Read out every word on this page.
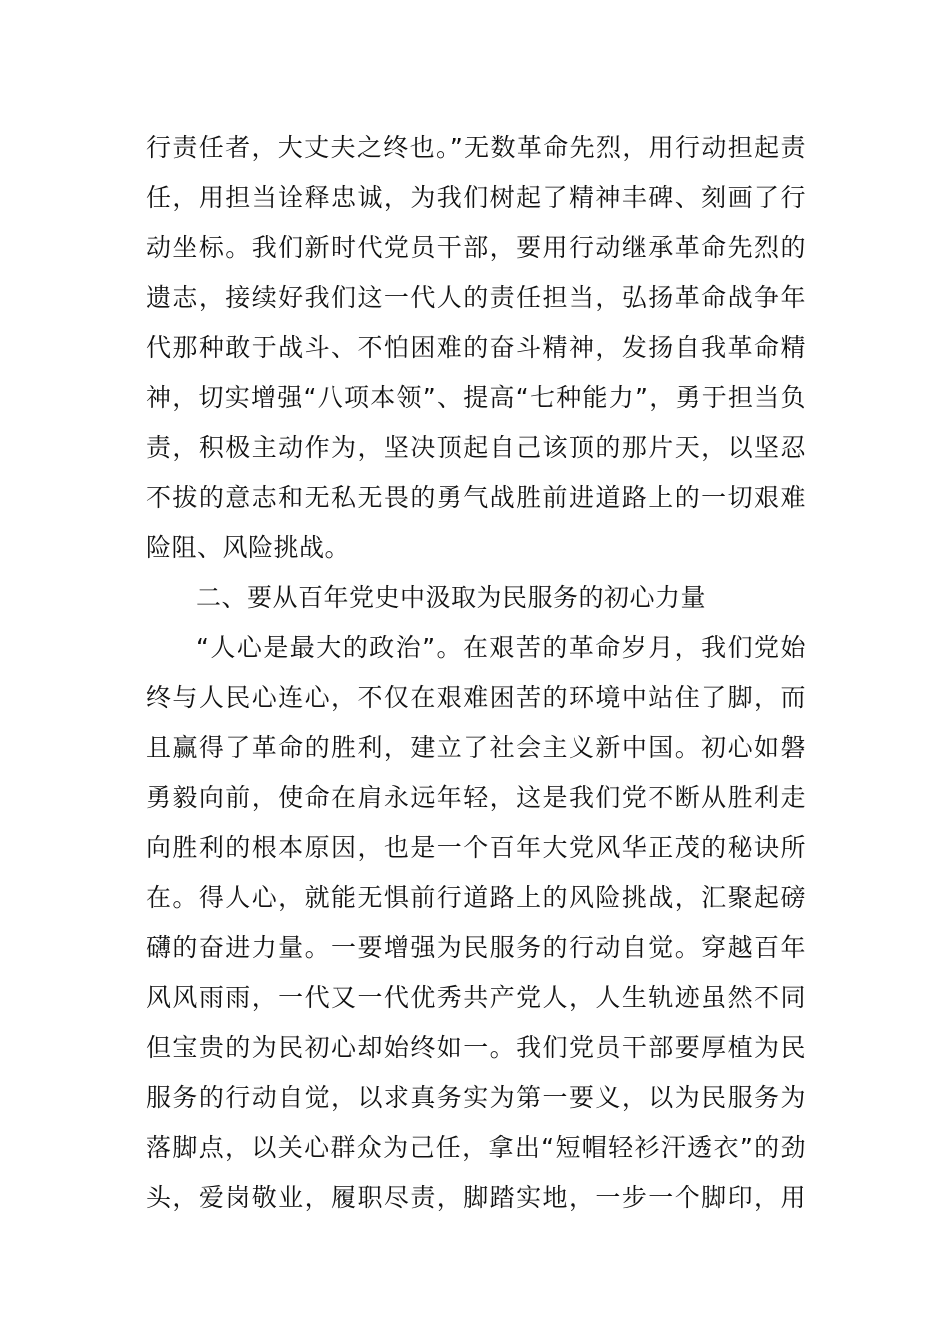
行责任者，大丈夫之终也。”无数革命先烈，用行动担起责
任，用担当诠释忠诚，为我们树起了精神丰碑、刻画了行
动坐标。我们新时代党员干部，要用行动继承革命先烈的
遗志，接续好我们这一代人的责任担当，弘扬革命战争年
代那种敢于战斗、不怕困难的奋斗精神，发扬自我革命精
神，切实增强“八项本领”、提高“七种能力”，勇于担当负
责，积极主动作为，坚决顶起自己该顶的那片天，以坚忍
不拔的意志和无私无畏的勇气战胜前进道路上的一切艰难
险阻、风险挑战。
二、要从百年党史中汲取为民服务的初心力量
“人心是最大的政治”。在艰苦的革命岁月，我们党始
终与人民心连心，不仅在艰难困苦的环境中站住了脚，而
且赢得了革命的胜利，建立了社会主义新中国。初心如磐
勇毅向前，使命在肩永远年轻，这是我们党不断从胜利走
向胜利的根本原因，也是一个百年大党风华正茂的秘诀所
在。得人心，就能无惧前行道路上的风险挑战，汇聚起磅
礴的奋进力量。一要增强为民服务的行动自觉。穿越百年
风风雨雨，一代又一代优秀共产党人，人生轨迹虽然不同
但宝贵的为民初心却始终如一。我们党员干部要厚植为民
服务的行动自觉，以求真务实为第一要义，以为民服务为
落脚点，以关心群众为己任，拿出“短帽轻衫汗透衣”的劲
头，爱岗敬业，履职尽责，脚踏实地，一步一个脚印，用
